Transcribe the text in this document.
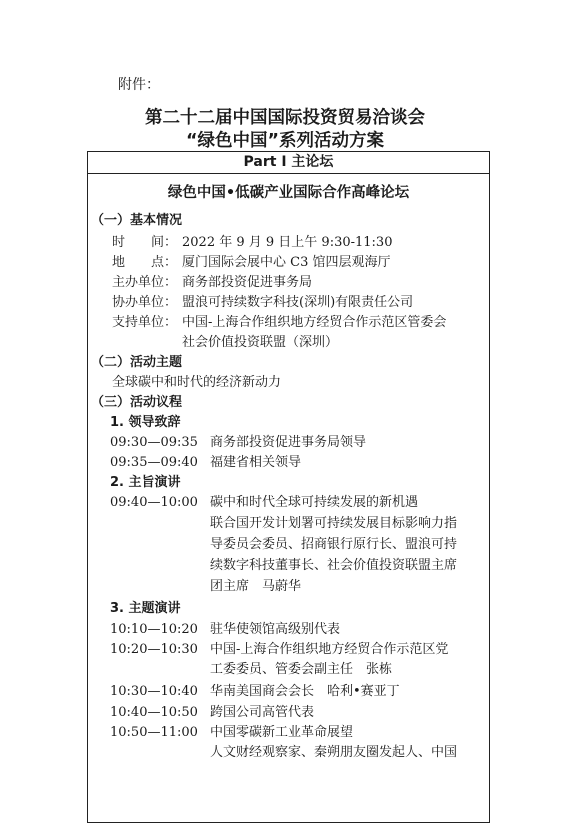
附件：
第二十二届中国国际投资贸易洽谈会
“绿色中国”系列活动方案
Part Ⅰ 主论坛
绿色中国•低碳产业国际合作高峰论坛
（一）基本情况
时　　间： 2022 年 9 月 9 日上午 9:30-11:30
地　　点： 厦门国际会展中心 C3 馆四层观海厅
主办单位： 商务部投资促进事务局
协办单位： 盟浪可持续数字科技(深圳)有限责任公司
支持单位： 中国-上海合作组织地方经贸合作示范区管委会
社会价值投资联盟（深圳）
（二）活动主题
全球碳中和时代的经济新动力
（三）活动议程
1. 领导致辞
09:30—09:35 商务部投资促进事务局领导
09:35—09:40 福建省相关领导
2. 主旨演讲
09:40—10:00 碳中和时代全球可持续发展的新机遇
联合国开发计划署可持续发展目标影响力指
导委员会委员、招商银行原行长、盟浪可持
续数字科技董事长、社会价值投资联盟主席
团主席　马蔚华
3. 主题演讲
10:10—10:20 驻华使领馆高级别代表
10:20—10:30 中国-上海合作组织地方经贸合作示范区党
工委委员、管委会副主任　张栋
10:30—10:40 华南美国商会会长　哈利•赛亚丁
10:40—10:50 跨国公司高管代表
10:50—11:00 中国零碳新工业革命展望
人文财经观察家、秦朔朋友圈发起人、中国
